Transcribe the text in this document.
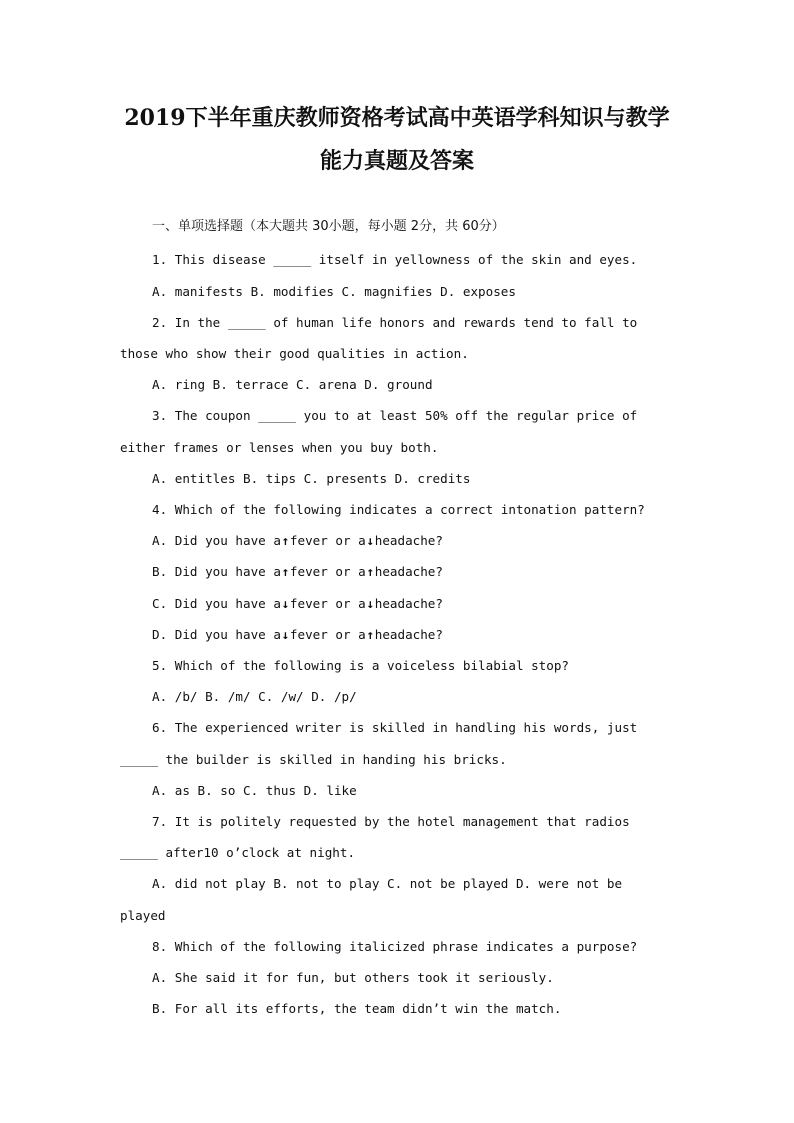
2019下半年重庆教师资格考试高中英语学科知识与教学
能力真题及答案

一、单项选择题（本大题共 30小题，每小题 2分，共 60分）

1. This disease _____ itself in yellowness of the skin and eyes.

A. manifests B. modifies C. magnifies D. exposes

2. In the _____ of human life honors and rewards tend to fall to

those who show their good qualities in action.

A. ring B. terrace C. arena D. ground

3. The coupon _____ you to at least 50% off the regular price of

either frames or lenses when you buy both.

A. entitles B. tips C. presents D. credits

4. Which of the following indicates a correct intonation pattern?

A. Did you have a↑fever or a↓headache?

B. Did you have a↑fever or a↑headache?

C. Did you have a↓fever or a↓headache?

D. Did you have a↓fever or a↑headache?

5. Which of the following is a voiceless bilabial stop?

A. /b/ B. /m/ C. /w/ D. /p/

6. The experienced writer is skilled in handling his words, just

_____ the builder is skilled in handing his bricks.

A. as B. so C. thus D. like

7. It is politely requested by the hotel management that radios

_____ after10 o’clock at night.

A. did not play B. not to play C. not be played D. were not be

played

8. Which of the following italicized phrase indicates a purpose?

A. She said it for fun, but others took it seriously.

B. For all its efforts, the team didn’t win the match.
